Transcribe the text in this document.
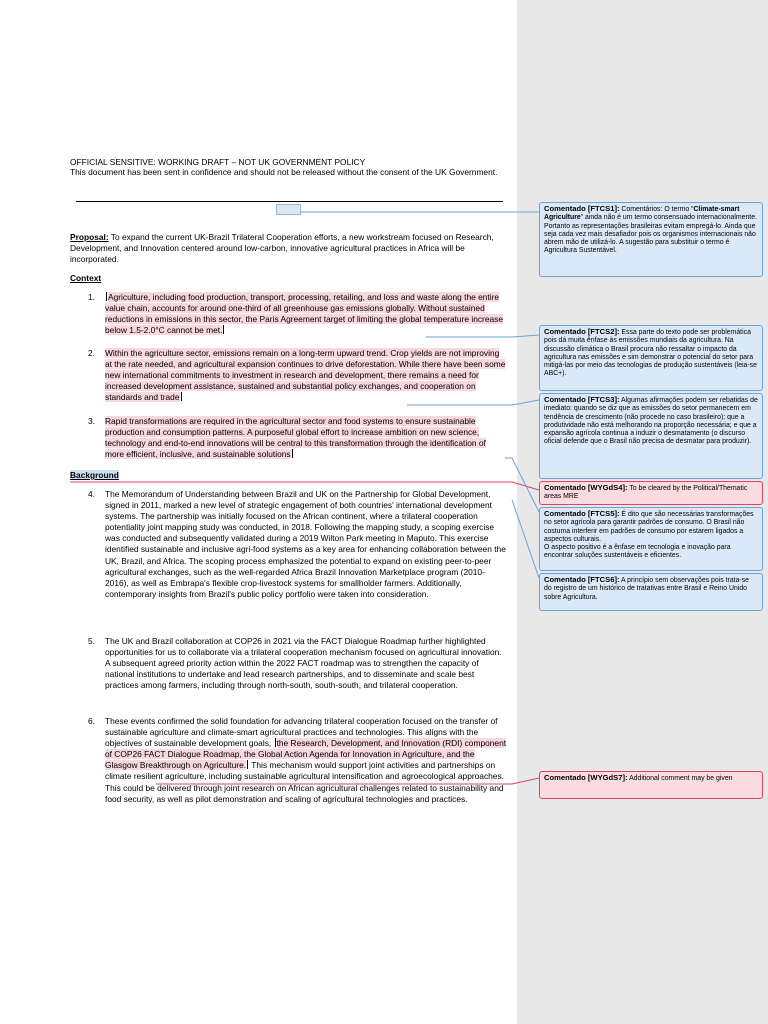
OFFICIAL SENSITIVE: WORKING DRAFT – NOT UK GOVERNMENT POLICY
This document has been sent in confidence and should not be released without the consent of the UK Government.
Proposal: To expand the current UK-Brazil Trilateral Cooperation efforts, a new workstream focused on Research, Development, and Innovation centered around low-carbon, innovative agricultural practices in Africa will be incorporated.
Context
1.	Agriculture, including food production, transport, processing, retailing, and loss and waste along the entire value chain, accounts for around one-third of all greenhouse gas emissions globally. Without sustained reductions in emissions in this sector, the Paris Agreement target of limiting the global temperature increase below 1.5-2.0°C cannot be met.
2.	Within the agriculture sector, emissions remain on a long-term upward trend. Crop yields are not improving at the rate needed, and agricultural expansion continues to drive deforestation. While there have been some new international commitments to investment in research and development, there remains a need for increased development assistance, sustained and substantial policy exchanges, and cooperation on standards and trade
3.	Rapid transformations are required in the agricultural sector and food systems to ensure sustainable production and consumption patterns. A purposeful global effort to increase ambition on new science, technology and end-to-end innovations will be central to this transformation through the identification of more efficient, inclusive, and sustainable solutions
Background
4.	The Memorandum of Understanding between Brazil and UK on the Partnership for Global Development, signed in 2011, marked a new level of strategic engagement of both countries' international development systems. The partnership was initially focused on the African continent, where a trilateral cooperation potentiality joint mapping study was conducted, in 2018. Following the mapping study, a scoping exercise was conducted and subsequently validated during a 2019 Wilton Park meeting in Maputo. This exercise identified sustainable and inclusive agri-food systems as a key area for enhancing collaboration between the UK, Brazil, and Africa. The scoping process emphasized the potential to expand on existing peer-to-peer agricultural exchanges, such as the well-regarded Africa Brazil Innovation Marketplace program (2010-2016), as well as Embrapa's flexible crop-livestock systems for smallholder farmers. Additionally, contemporary insights from Brazil's public policy portfolio were taken into consideration.
5.	The UK and Brazil collaboration at COP26 in 2021 via the FACT Dialogue Roadmap further highlighted opportunities for us to collaborate via a trilateral cooperation mechanism focused on agricultural innovation. A subsequent agreed priority action within the 2022 FACT roadmap was to strengthen the capacity of national institutions to undertake and lead research partnerships, and to disseminate and scale best practices among farmers, including through north-south, south-south, and trilateral cooperation.
6.	These events confirmed the solid foundation for advancing trilateral cooperation focused on the transfer of sustainable agriculture and climate-smart agricultural practices and technologies. This aligns with the objectives of sustainable development goals, the Research, Development, and Innovation (RDI) component of COP26 FACT Dialogue Roadmap, the Global Action Agenda for Innovation in Agriculture, and the Glasgow Breakthrough on Agriculture. This mechanism would support joint activities and partnerships on climate resilient agriculture, including sustainable agricultural intensification and agroecological approaches. This could be delivered through joint research on African agricultural challenges related to sustainability and food security, as well as pilot demonstration and scaling of agricultural technologies and practices.
Comentado [FTCS1]: Comentários: O termo “Climate-smart Agriculture” ainda não é um termo consensuado internacionalmente. Portanto as representações brasileiras evitam empregá-lo. Ainda que seja cada vez mais desafiador pois os organismos internacionais não abrem mão de utilizá-lo. A sugestão para substituir o termo é Agricultura Sustentável.
Comentado [FTCS2]: Essa parte do texto pode ser problemática pois dá muita ênfase às emissões mundiais da agricultura. Na discussão climática o Brasil procura não ressaltar o impacto da agricultura nas emissões e sim demonstrar o potencial do setor para mitigá-las por meio das tecnologias de produção sustentáveis (leia-se ABC+).
Comentado [FTCS3]: Algumas afirmações podem ser rebatidas de imediato: quando se diz que as emissões do setor permanecem em tendência de crescimento (não procede no caso brasileiro); que a produtividade não está melhorando na proporção necessária; e que a expansão agrícola continua a induzir o desmatamento (o discurso oficial defende que o Brasil não precisa de desmatar para produzir).
Comentado [WYGdS4]: To be cleared by the Political/Thematic areas MRE
Comentado [FTCS5]: É dito que são necessárias transformações no setor agrícola para garantir padrões de consumo. O Brasil não costuma interferir em padrões de consumo por estarem ligados a aspectos culturais.
O aspecto positivo é a ênfase em tecnologia e inovação para encontrar soluções sustentáveis e eficientes.
Comentado [FTCS6]: A princípio sem observações pois trata-se do registro de um histórico de tratativas entre Brasil e Reino Unido sobre Agricultura.
Comentado [WYGdS7]: Additional comment may be given
